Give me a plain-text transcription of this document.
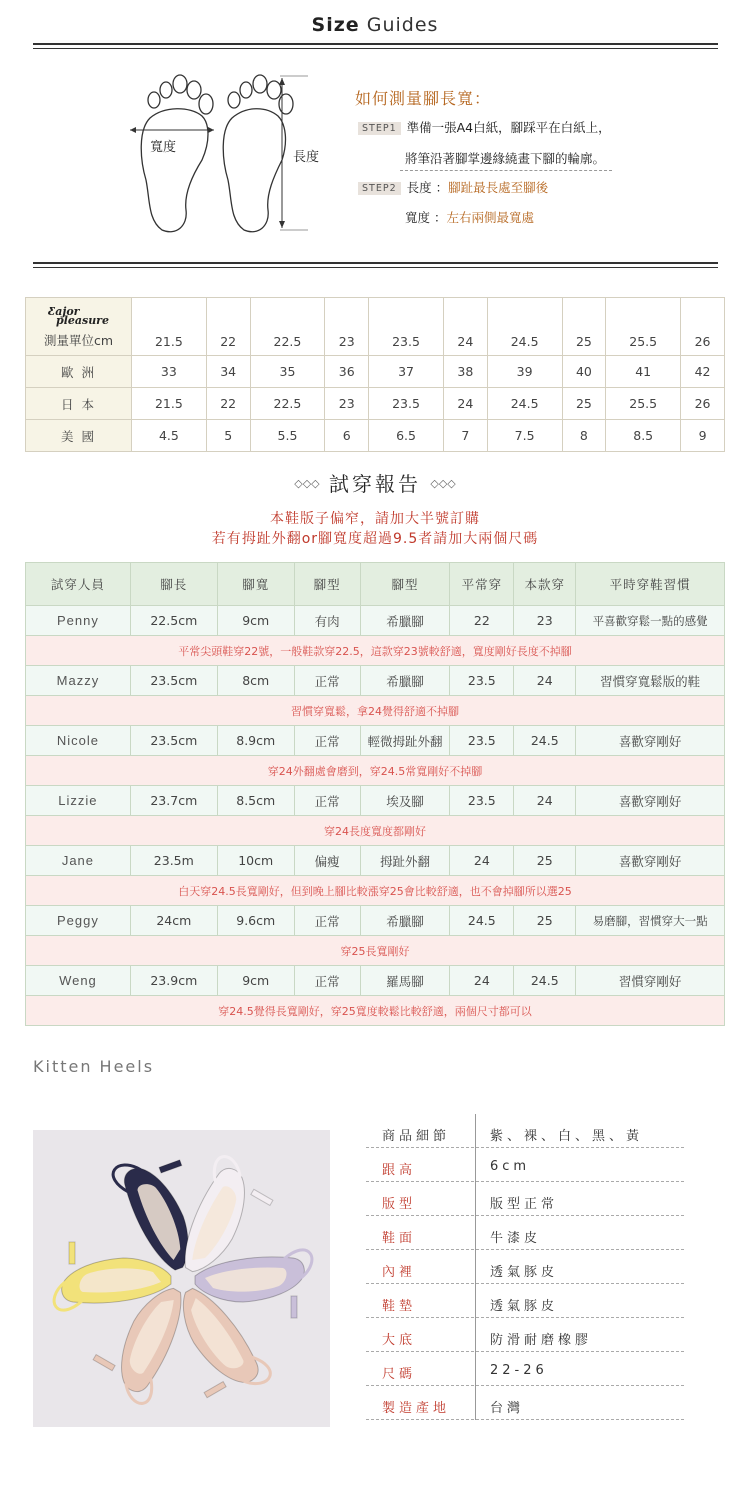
Size Guides
寬度
長度
如何測量腳長寬：
STEP1 準備一張A4白紙，腳踩平在白紙上，
將筆沿著腳掌邊緣繞畫下腳的輪廓。
STEP2 長度 ：腳趾最長處至腳後
寬度 ：左右兩側最寬處
Ƹajor
pleasure
測量單位cm	21.5	22	22.5	23	23.5	24	24.5	25	25.5	26
歐 洲	33	34	35	36	37	38	39	40	41	42
日 本	21.5	22	22.5	23	23.5	24	24.5	25	25.5	26
美 國	4.5	5	5.5	6	6.5	7	7.5	8	8.5	9
◇◇◇ 試穿報告 ◇◇◇
本鞋版子偏窄，請加大半號訂購
若有拇趾外翻or腳寬度超過9.5者請加大兩個尺碼
試穿人員	腳長	腳寬	腳型	腳型	平常穿	本款穿	平時穿鞋習慣
Penny	22.5cm	9cm	有肉	希臘腳	22	23	平喜歡穿鬆一點的感覺
平常尖頭鞋穿22號，一般鞋款穿22.5，這款穿23號較舒適，寬度剛好長度不掉腳							
Mazzy	23.5cm	8cm	正常	希臘腳	23.5	24	習慣穿寬鬆版的鞋
習慣穿寬鬆，拿24覺得舒適不掉腳							
Nicole	23.5cm	8.9cm	正常	輕微拇趾外翻	23.5	24.5	喜歡穿剛好
穿24外翻處會磨到，穿24.5常寬剛好不掉腳							
Lizzie	23.7cm	8.5cm	正常	埃及腳	23.5	24	喜歡穿剛好
穿24長度寬度都剛好							
Jane	23.5m	10cm	偏瘦	拇趾外翻	24	25	喜歡穿剛好
白天穿24.5長寬剛好，但到晚上腳比較漲穿25會比較舒適，也不會掉腳所以選25							
Peggy	24cm	9.6cm	正常	希臘腳	24.5	25	易磨腳，習慣穿大一點
穿25長寬剛好							
Weng	23.9cm	9cm	正常	羅馬腳	24	24.5	習慣穿剛好
穿24.5覺得長寬剛好，穿25寬度較鬆比較舒適，兩個尺寸都可以							
Kitten Heels
商品細節	紫、裸、白、黑、黃
跟高	6cm
版型	版型正常
鞋面	牛漆皮
內裡	透氣豚皮
鞋墊	透氣豚皮
大底	防滑耐磨橡膠
尺碼	22-26
製造產地	台灣
